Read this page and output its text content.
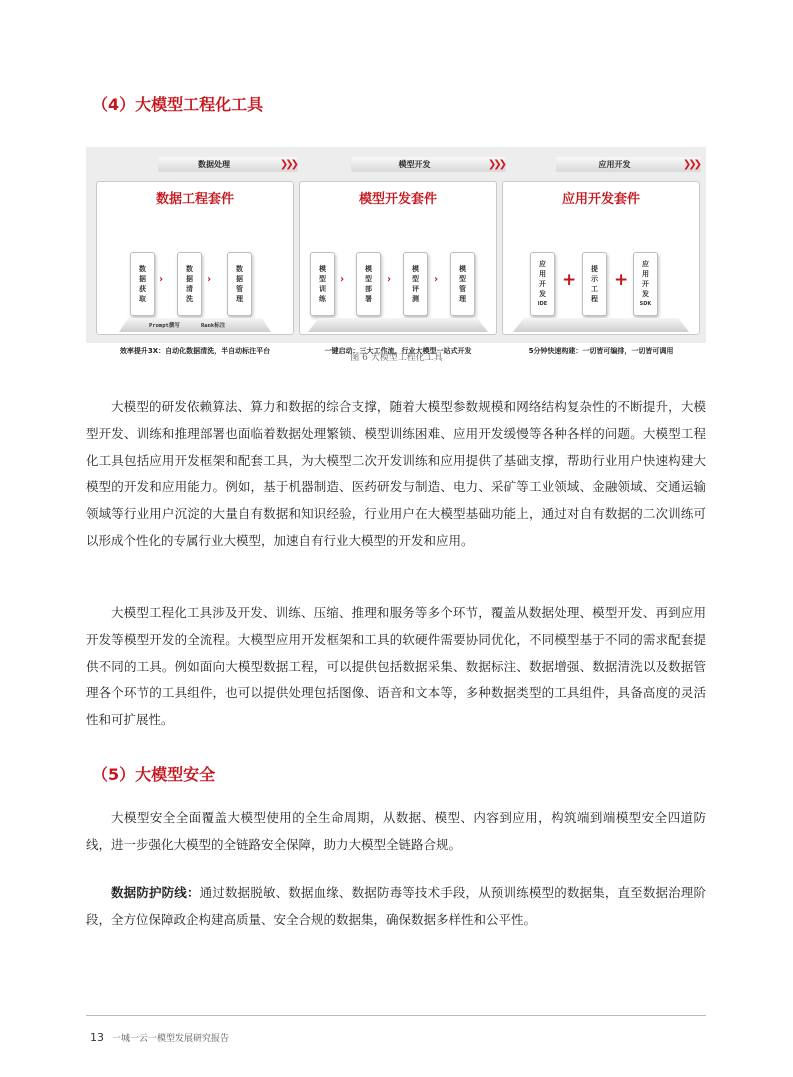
（4）大模型工程化工具
数据处理	❯❯❯	模型开发	❯❯❯	应用开发	❯❯❯
数据工程套件
数
据
获
取
›
数
据
清
洗
›
数
据
管
理
Prompt撰写	Rank标注
效率提升3X：自动化数据清洗，半自动标注平台
模型开发套件
模
型
训
练
›
模
型
部
署
›
模
型
评
测
›
模
型
管
理
一键启动：三大工作流，行业大模型一站式开发
应用开发套件
应
用
开
发
IDE
+
提
示
工
程
+
应
用
开
发
SDK
5分钟快速构建：一切皆可编排，一切皆可调用
图 6 大模型工程化工具

大模型的研发依赖算法、算力和数据的综合支撑，随着大模型参数规模和网络结构复杂性的不断提升，大模型开发、训练和推理部署也面临着数据处理繁锁、模型训练困难、应用开发缓慢等各种各样的问题。大模型工程化工具包括应用开发框架和配套工具，为大模型二次开发训练和应用提供了基础支撑，帮助行业用户快速构建大模型的开发和应用能力。例如，基于机器制造、医药研发与制造、电力、采矿等工业领域、金融领域、交通运输领域等行业用户沉淀的大量自有数据和知识经验，行业用户在大模型基础功能上，通过对自有数据的二次训练可以形成个性化的专属行业大模型，加速自有行业大模型的开发和应用。

大模型工程化工具涉及开发、训练、压缩、推理和服务等多个环节，覆盖从数据处理、模型开发、再到应用开发等模型开发的全流程。大模型应用开发框架和工具的软硬件需要协同优化，不同模型基于不同的需求配套提供不同的工具。例如面向大模型数据工程，可以提供包括数据采集、数据标注、数据增强、数据清洗以及数据管理各个环节的工具组件，也可以提供处理包括图像、语音和文本等，多种数据类型的工具组件，具备高度的灵活性和可扩展性。

（5）大模型安全

大模型安全全面覆盖大模型使用的全生命周期，从数据、模型、内容到应用，构筑端到端模型安全四道防线，进一步强化大模型的全链路安全保障，助力大模型全链路合规。

数据防护防线：通过数据脱敏、数据血缘、数据防毒等技术手段，从预训练模型的数据集，直至数据治理阶段，全方位保障政企构建高质量、安全合规的数据集，确保数据多样性和公平性。

13 一城一云一模型发展研究报告
